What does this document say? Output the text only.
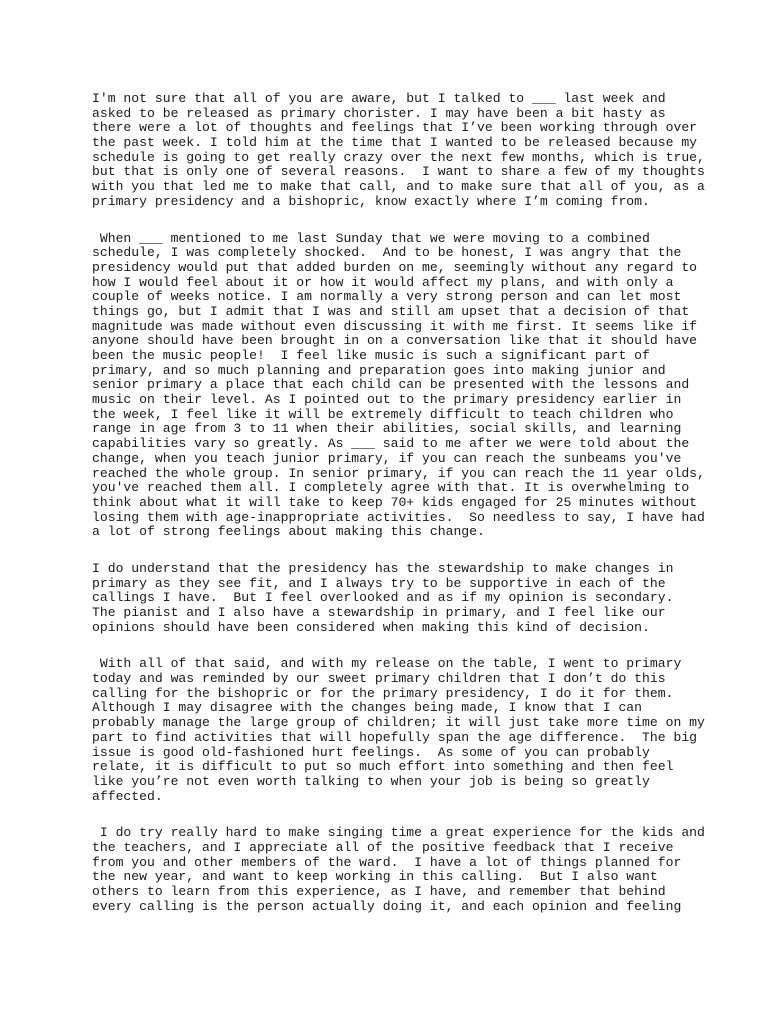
I'm not sure that all of you are aware, but I talked to ___ last week and
asked to be released as primary chorister. I may have been a bit hasty as
there were a lot of thoughts and feelings that I’ve been working through over
the past week. I told him at the time that I wanted to be released because my
schedule is going to get really crazy over the next few months, which is true,
but that is only one of several reasons.  I want to share a few of my thoughts
with you that led me to make that call, and to make sure that all of you, as a
primary presidency and a bishopric, know exactly where I’m coming from.
When ___ mentioned to me last Sunday that we were moving to a combined
schedule, I was completely shocked.  And to be honest, I was angry that the
presidency would put that added burden on me, seemingly without any regard to
how I would feel about it or how it would affect my plans, and with only a
couple of weeks notice. I am normally a very strong person and can let most
things go, but I admit that I was and still am upset that a decision of that
magnitude was made without even discussing it with me first. It seems like if
anyone should have been brought in on a conversation like that it should have
been the music people!  I feel like music is such a significant part of
primary, and so much planning and preparation goes into making junior and
senior primary a place that each child can be presented with the lessons and
music on their level. As I pointed out to the primary presidency earlier in
the week, I feel like it will be extremely difficult to teach children who
range in age from 3 to 11 when their abilities, social skills, and learning
capabilities vary so greatly. As ___ said to me after we were told about the
change, when you teach junior primary, if you can reach the sunbeams you've
reached the whole group. In senior primary, if you can reach the 11 year olds,
you've reached them all. I completely agree with that. It is overwhelming to
think about what it will take to keep 70+ kids engaged for 25 minutes without
losing them with age-inappropriate activities.  So needless to say, I have had
a lot of strong feelings about making this change.
I do understand that the presidency has the stewardship to make changes in
primary as they see fit, and I always try to be supportive in each of the
callings I have.  But I feel overlooked and as if my opinion is secondary.
The pianist and I also have a stewardship in primary, and I feel like our
opinions should have been considered when making this kind of decision.
With all of that said, and with my release on the table, I went to primary
today and was reminded by our sweet primary children that I don’t do this
calling for the bishopric or for the primary presidency, I do it for them.
Although I may disagree with the changes being made, I know that I can
probably manage the large group of children; it will just take more time on my
part to find activities that will hopefully span the age difference.  The big
issue is good old-fashioned hurt feelings.  As some of you can probably
relate, it is difficult to put so much effort into something and then feel
like you’re not even worth talking to when your job is being so greatly
affected.
I do try really hard to make singing time a great experience for the kids and
the teachers, and I appreciate all of the positive feedback that I receive
from you and other members of the ward.  I have a lot of things planned for
the new year, and want to keep working in this calling.  But I also want
others to learn from this experience, as I have, and remember that behind
every calling is the person actually doing it, and each opinion and feeling
